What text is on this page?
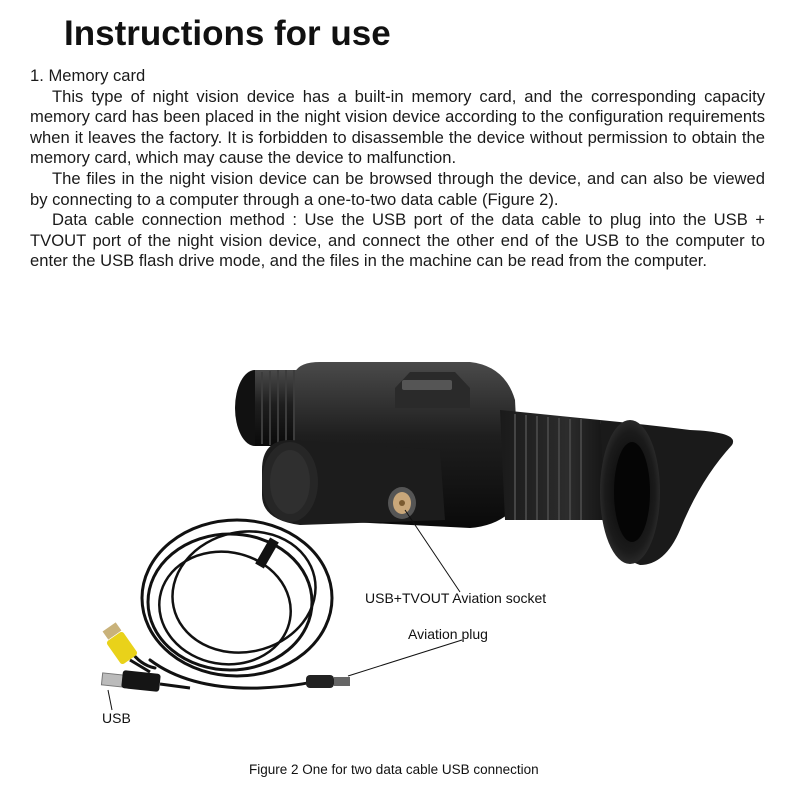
Instructions for use

1. Memory card

This type of night vision device has a built-in memory card, and the corresponding capacity memory card has been placed in the night vision device according to the configuration requirements when it leaves the factory. It is forbidden to disassemble the device without permission to obtain the memory card, which may cause the device to malfunction.

The files in the night vision device can be browsed through the device, and can also be viewed by connecting to a computer through a one-to-two data cable (Figure 2).

Data cable connection method : Use the USB port of the data cable to plug into the USB + TVOUT port of the night vision device, and connect the other end of the USB to the computer to enter the USB flash drive mode, and the files in the machine can be read from the computer.

USB+TVOUT Aviation socket
Aviation plug
USB
Figure 2 One for two data cable USB connection
